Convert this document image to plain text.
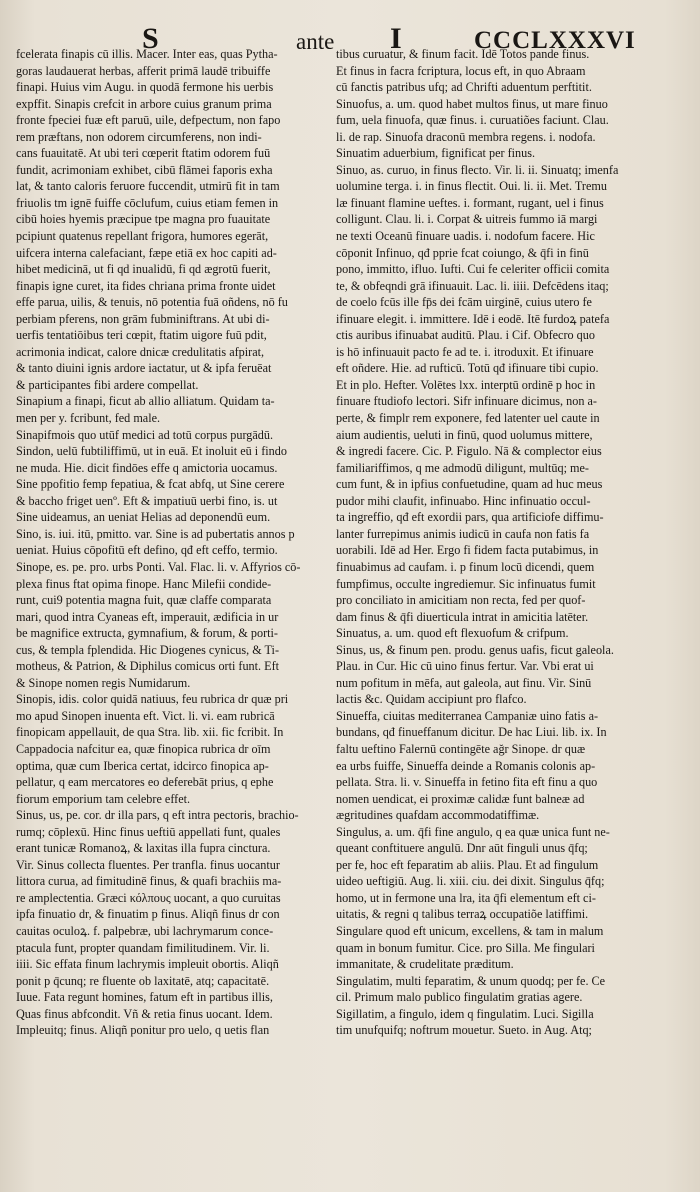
S	ante I	CCCLXXXVI
fcelerata finapis cū illis. Macer. Inter eas, quas Pytha-
goras laudauerat herbas, afferit primā laudē tribuiffe
finapi. Huius vim Augu. in quodā fermone his uerbis
expffit. Sinapis crefcit in arbore cuius granum prima
fronte fpeciei fuæ eft paruū, uile, defpectum, non fapo
rem præftans, non odorem circumferens, non indi-
cans fuauitatē. At ubi teri cœperit ftatim odorem fuū
fundit, acrimoniam exhibet, cibū flāmei faporis exha
lat, & tanto caloris feruore fuccendit, utmirū fit in tam
friuolis tm ignē fuiffe cōclufum, cuius etiam femen in
cibū hoies hyemis præcipue tpe magna pro fuauitate
pcipiunt quatenus repellant frigora, humores egerāt,
uifcera interna calefaciant, fæpe etiā ex hoc capiti ad-
hibet medicinā, ut fi qd inualidū, fi qd ægrotū fuerit,
finapis igne curet, ita fides chriana prima fronte uidet
effe parua, uilis, & tenuis, nō potentia fuā oñdens, nō fu
perbiam pferens, non grām fubminiftrans. At ubi di-
uerfis tentatiōibus teri cœpit, ftatim uigore fuū pdit,
acrimonia indicat, calore dnicæ credulitatis afpirat,
& tanto diuini ignis ardore iactatur, ut & ipfa feruēat
& participantes fibi ardere compellat.
Sinapium a finapi, ficut ab allio alliatum. Quidam ta-
men per y. fcribunt, fed male.
Sinapifmois quo utūf medici ad totū corpus purgādū.
Sindon, uelū fubtiliffimū, ut in euā. Et inoluit eū i findo
ne muda. Hie. dicit findōes effe q amictoria uocamus.
Sine ppofitio femp fepatiua, & fcat abfq, ut Sine cerere
& baccho friget uenº. Eft & impatiuū uerbi fino, is. ut
Sine uideamus, an ueniat Helias ad deponendū eum.
Sino, is. iui. itū, pmitto. var. Sine is ad pubertatis annos p
ueniat. Huius cōpofitū eft defino, qđ eft ceffo, termio.
Sinope, es. pe. pro. urbs Ponti. Val. Flac. li. v. Affyrios cō-
plexa finus ftat opima finope. Hanc Milefii condide-
runt, cui9 potentia magna fuit, quæ claffe comparata
mari, quod intra Cyaneas eft, imperauit, ædificia in ur
be magnifice extructa, gymnafium, & forum, & porti-
cus, & templa fplendida. Hic Diogenes cynicus, & Ti-
motheus, & Patrion, & Diphilus comicus orti funt. Eft
& Sinope nomen regis Numidarum.
Sinopis, idis. color quidā natiuus, feu rubrica dr quæ pri
mo apud Sinopen inuenta eft. Vict. li. vi. eam rubricā
finopicam appellauit, de qua Stra. lib. xii. fic fcribit. In
Cappadocia nafcitur ea, quæ finopica rubrica dr oīm
optima, quæ cum Iberica certat, idcirco finopica ap-
pellatur, q eam mercatores eo deferebāt prius, q ephe
fiorum emporium tam celebre effet.
Sinus, us, pe. cor. dr illa pars, q eft intra pectoris, brachio-
rumq; cōplexū. Hinc finus ueftiū appellati funt, quales
erant tunicæ Romanoꝝ, & laxitas illa fupra cinctura.
Vir. Sinus collecta fluentes. Per tranfla. finus uocantur
littora curua, ad fimitudinē finus, & quafi brachiis ma-
re amplectentia. Græci κόλπους uocant, a quo curuitas
ipfa finuatio dr, & finuatim p finus. Aliqñ finus dr con
cauitas oculoꝝ. f. palpebræ, ubi lachrymarum conce-
ptacula funt, propter quandam fimilitudinem. Vir. li.
iiii. Sic effata finum lachrymis impleuit obortis. Aliqñ
ponit p q̄cunq; re fluente ob laxitatē, atq; capacitatē.
Iuue. Fata regunt homines, fatum eft in partibus illis,
Quas finus abfcondit. Vñ & retia finus uocant. Idem.
Impleuitq; finus. Aliqñ ponitur pro uelo, q uetis flan
tibus curuatur, & finum facit. Idē Totos pande finus.
Et finus in facra fcriptura, locus eft, in quo Abraam
cū fanctis patribus ufq; ad Chrifti aduentum perftitit.
Sinuofus, a. um. quod habet multos finus, ut mare finuo
fum, uela finuofa, quæ finus. i. curuatiões faciunt. Clau.
li. de rap. Sinuofa draconū membra regens. i. nodofa.
Sinuatim aduerbium, fignificat per finus.
Sinuo, as. curuo, in finus flecto. Vir. li. ii. Sinuatq; imenfa
uolumine terga. i. in finus flectit. Oui. li. ii. Met. Tremu
læ finuant flamine ueftes. i. formant, rugant, uel i finus
colligunt. Clau. li. i. Corpat & uitreis fummo iā margi
ne texti Oceanū finuare uadis. i. nodofum facere. Hic
cōponit Infinuo, qđ pprie fcat coiungo, & q̄fi in finū
pono, immitto, ifluo. Iufti. Cui fe celeriter officii comita
te, & obfeqndi grā ifinuauit. Lac. li. iiii. Defcēdens itaq;
de coelo fcūs ille fp̄s dei fcām uirginē, cuius utero fe
ifinuare elegit. i. immittere. Idē i eodē. Itē furdoꝝ patefa
ctis auribus ifinuabat auditū. Plau. i Cif. Obfecro quo
is hō infinuauit pacto fe ad te. i. itroduxit. Et ifinuare
eft oñdere. Hie. ad rufticū. Totū qđ ifinuare tibi cupio.
Et in plo. Hefter. Volētes lxx. interptū ordinē p hoc in
finuare ftudiofo lectori. Sifr infinuare dicimus, non a-
perte, & fimplr rem exponere, fed latenter uel caute in
aium audientis, ueluti in finū, quod uolumus mittere,
& ingredi facere. Cic. P. Figulo. Nā & complector eius
familiariffimos, q me admodū diligunt, multūq; me-
cum funt, & in ipfius confuetudine, quam ad huc meus
pudor mihi claufit, infinuabo. Hinc infinuatio occul-
ta ingreffio, qđ eft exordii pars, qua artificiofe diffimu-
lanter furrepimus animis iudicū in caufa non fatis fa
uorabili. Idē ad Her. Ergo fi fidem facta putabimus, in
finuabimus ad caufam. i. p finum locū dicendi, quem
fumpfimus, occulte ingrediemur. Sic infinuatus fumit
pro conciliato in amicitiam non recta, fed per quof-
dam finus & q̄fi diuerticula intrat in amicitia latēter.
Sinuatus, a. um. quod eft flexuofum & crifpum.
Sinus, us, & finum pen. produ. genus uafis, ficut galeola.
Plau. in Cur. Hic cū uino finus fertur. Var. Vbi erat ui
num pofitum in mēfa, aut galeola, aut finu. Vir. Sinū
lactis &c. Quidam accipiunt pro flafco.
Sinueffa, ciuitas mediterranea Campaniæ uino fatis a-
bundans, qđ finueffanum dicitur. De hac Liui. lib. ix. In
faltu ueftino Falernū contingēte ağr Sinope. dr quæ
ea urbs fuiffe, Sinueffa deinde a Romanis colonis ap-
pellata. Stra. li. v. Sinueffa in fetino fita eft finu a quo
nomen uendicat, ei proximæ calidæ funt balneæ ad
ægritudines quafdam accommodatiffimæ.
Singulus, a. um. q̄fi fine angulo, q ea quæ unica funt ne-
queant conftituere angulū. Dnr aūt finguli unus q̄fq;
per fe, hoc eft feparatim ab aliis. Plau. Et ad fingulum
uideo ueftigiū. Aug. li. xiii. ciu. dei dixit. Singulus q̄fq;
homo, ut in fermone una lra, ita q̄fi elementum eft ci-
uitatis, & regni q talibus terraꝝ occupatiõe latiffimi.
Singulare quod eft unicum, excellens, & tam in malum
quam in bonum fumitur. Cice. pro Silla. Me fingulari
immanitate, & crudelitate præditum.
Singulatim, multi feparatim, & unum quodq; per fe. Ce
cil. Primum malo publico fingulatim gratias agere.
Sigillatim, a fingulo, idem q fingulatim. Luci. Sigilla
tim unufquifq; noftrum mouetur. Sueto. in Aug. Atq;
